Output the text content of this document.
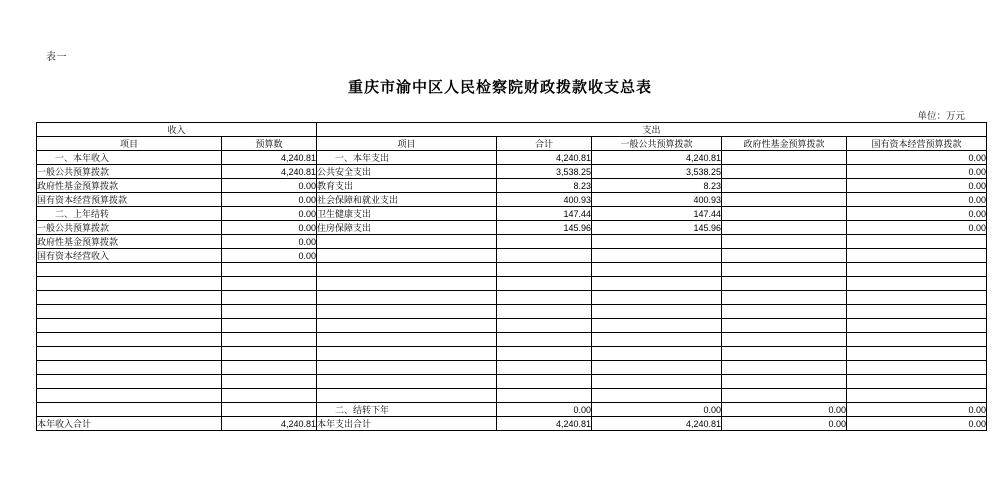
表一
重庆市渝中区人民检察院财政拨款收支总表
单位：万元
收入		支出				
项目	预算数	项目	合计	一般公共预算拨款	政府性基金预算拨款	国有资本经营预算拨款
一、本年收入	4,240.81	一、本年支出	4,240.81	4,240.81		0.00
一般公共预算拨款	4,240.81	公共安全支出	3,538.25	3,538.25		0.00
政府性基金预算拨款	0.00	教育支出	8.23	8.23		0.00
国有资本经营预算拨款	0.00	社会保障和就业支出	400.93	400.93		0.00
二、上年结转	0.00	卫生健康支出	147.44	147.44		0.00
一般公共预算拨款	0.00	住房保障支出	145.96	145.96		0.00
政府性基金预算拨款	0.00					
国有资本经营收入	0.00					

		二、结转下年	0.00	0.00	0.00	0.00
本年收入合计	4,240.81	本年支出合计	4,240.81	4,240.81	0.00	0.00
